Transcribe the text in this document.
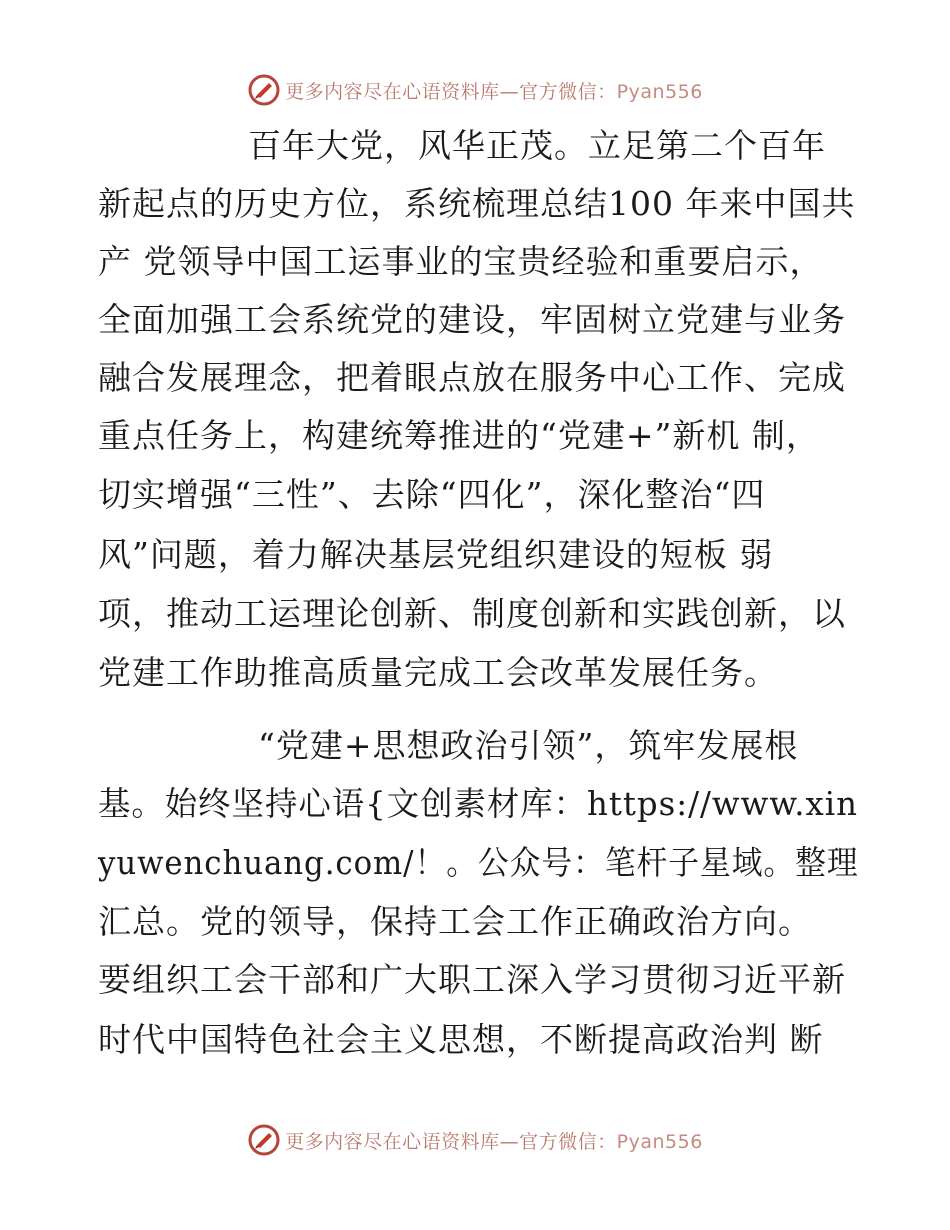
更多内容尽在心语资料库—官方微信：Pyan556
百年大党，风华正茂。立足第二个百年
新起点的历史方位，系统梳理总结100 年来中国共
产 党领导中国工运事业的宝贵经验和重要启示，
全面加强工会系统党的建设，牢固树立党建与业务
融合发展理念，把着眼点放在服务中心工作、完成
重点任务上，构建统筹推进的“党建+”新机 制，
切实增强“三性”、去除“四化”，深化整治“四
风”问题，着力解决基层党组织建设的短板 弱
项，推动工运理论创新、制度创新和实践创新，以
党建工作助推高质量完成工会改革发展任务。
“党建+思想政治引领”，筑牢发展根
基。始终坚持心语{文创素材库：https://www.xin
yuwenchuang.com/！。公众号：笔杆子星域。整理
汇总。党的领导，保持工会工作正确政治方向。
要组织工会干部和广大职工深入学习贯彻习近平新
时代中国特色社会主义思想，不断提高政治判 断
更多内容尽在心语资料库—官方微信：Pyan556
